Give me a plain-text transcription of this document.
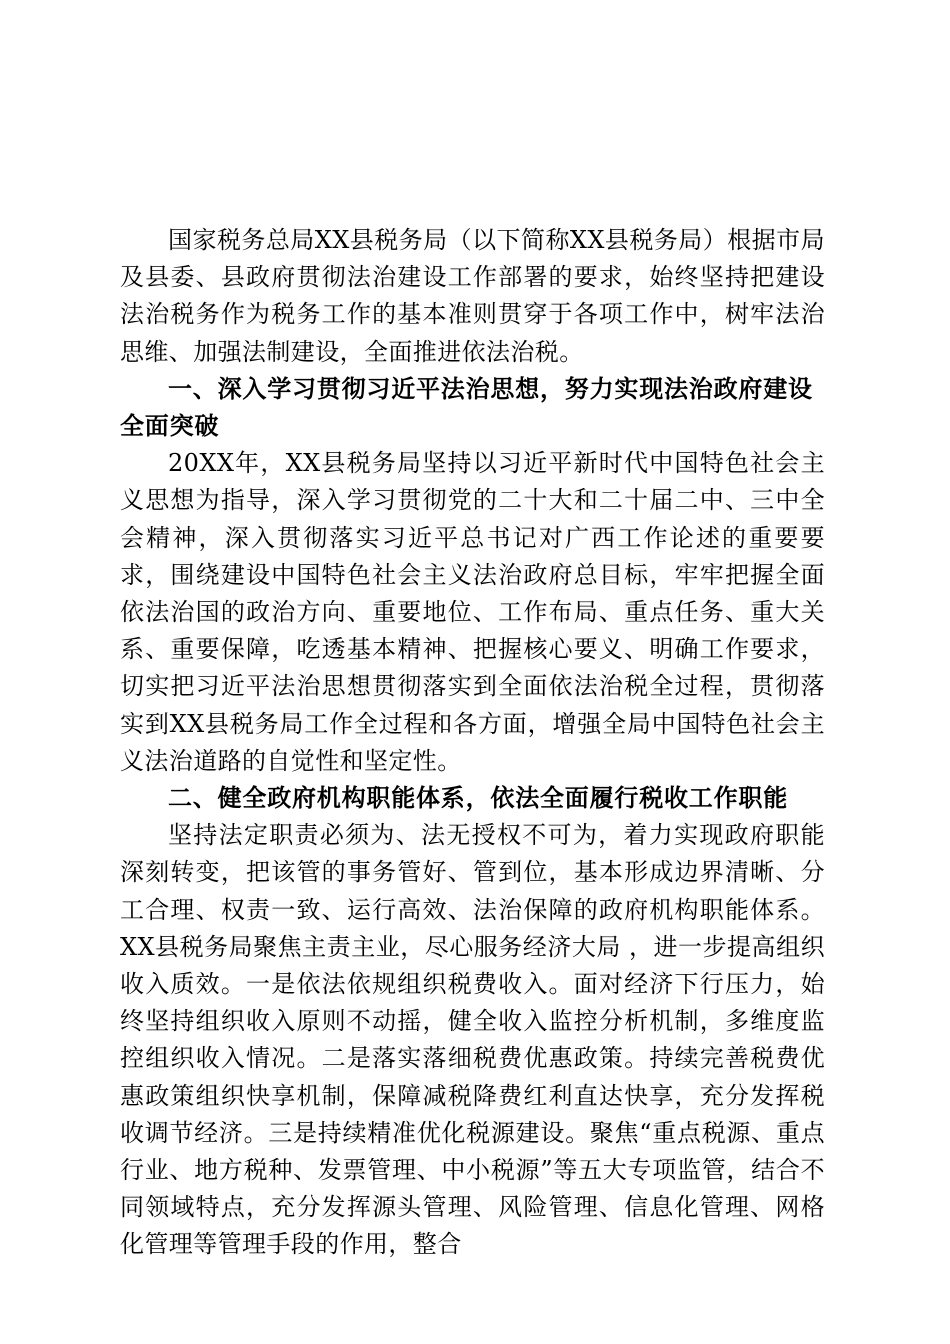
国家税务总局XX县税务局（以下简称XX县税务局）根据市局及县委、县政府贯彻法治建设工作部署的要求，始终坚持把建设法治税务作为税务工作的基本准则贯穿于各项工作中，树牢法治思维、加强法制建设，全面推进依法治税。

一、深入学习贯彻习近平法治思想，努力实现法治政府建设全面突破

20XX年，XX县税务局坚持以习近平新时代中国特色社会主义思想为指导，深入学习贯彻党的二十大和二十届二中、三中全会精神，深入贯彻落实习近平总书记对广西工作论述的重要要求，围绕建设中国特色社会主义法治政府总目标，牢牢把握全面依法治国的政治方向、重要地位、工作布局、重点任务、重大关系、重要保障，吃透基本精神、把握核心要义、明确工作要求，切实把习近平法治思想贯彻落实到全面依法治税全过程，贯彻落实到XX县税务局工作全过程和各方面，增强全局中国特色社会主义法治道路的自觉性和坚定性。

二、健全政府机构职能体系，依法全面履行税收工作职能

坚持法定职责必须为、法无授权不可为，着力实现政府职能深刻转变，把该管的事务管好、管到位，基本形成边界清晰、分工合理、权责一致、运行高效、法治保障的政府机构职能体系。XX县税务局聚焦主责主业，尽心服务经济大局 ，进一步提高组织收入质效。一是依法依规组织税费收入。面对经济下行压力，始终坚持组织收入原则不动摇，健全收入监控分析机制，多维度监控组织收入情况。二是落实落细税费优惠政策。持续完善税费优惠政策组织快享机制，保障减税降费红利直达快享，充分发挥税收调节经济。三是持续精准优化税源建设。聚焦“重点税源、重点行业、地方税种、发票管理、中小税源”等五大专项监管，结合不同领域特点，充分发挥源头管理、风险管理、信息化管理、网格化管理等管理手段的作用，整合
